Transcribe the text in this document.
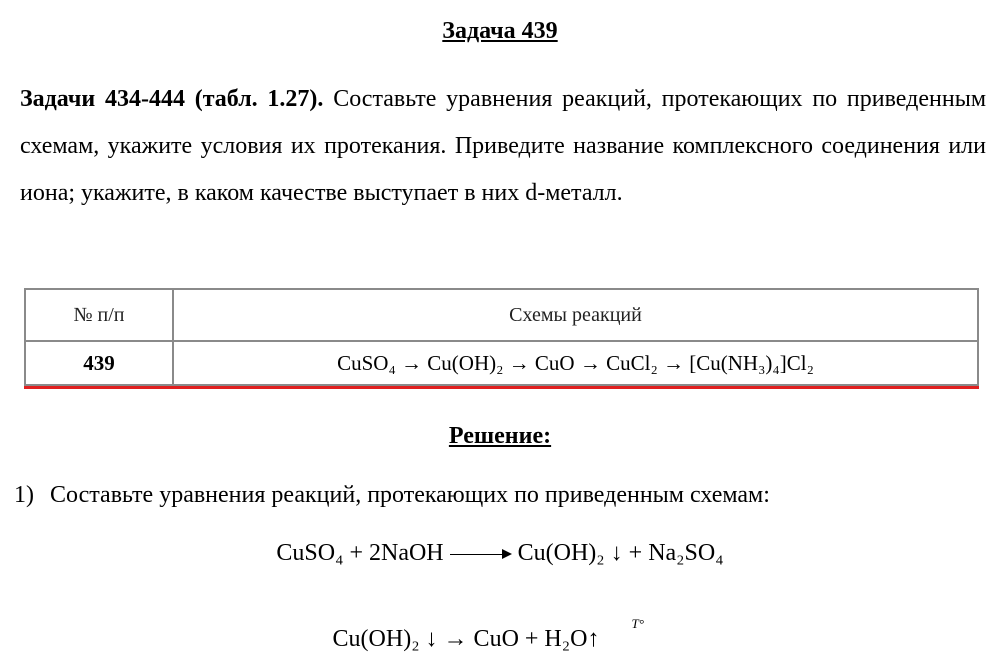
Задача 439
Задачи 434-444 (табл. 1.27). Составьте уравнения реакций, протекающих по приведенным схемам, укажите условия их протекания. Приведите название комплексного соединения или иона; укажите, в каком качестве выступает в них d-металл.
№ п/п	Схемы реакций
439	CuSO₄ → Cu(OH)₂ → CuO → CuCl₂ → [Cu(NH₃)₄]Cl₂
Решение:
1) Составьте уравнения реакций, протекающих по приведенным схемам:
CuSO₄ + 2NaOH	Cu(OH)₂ ↓ + Na₂SO₄
Cu(OH)₂ ↓ → CuO + H₂O↑
T°
